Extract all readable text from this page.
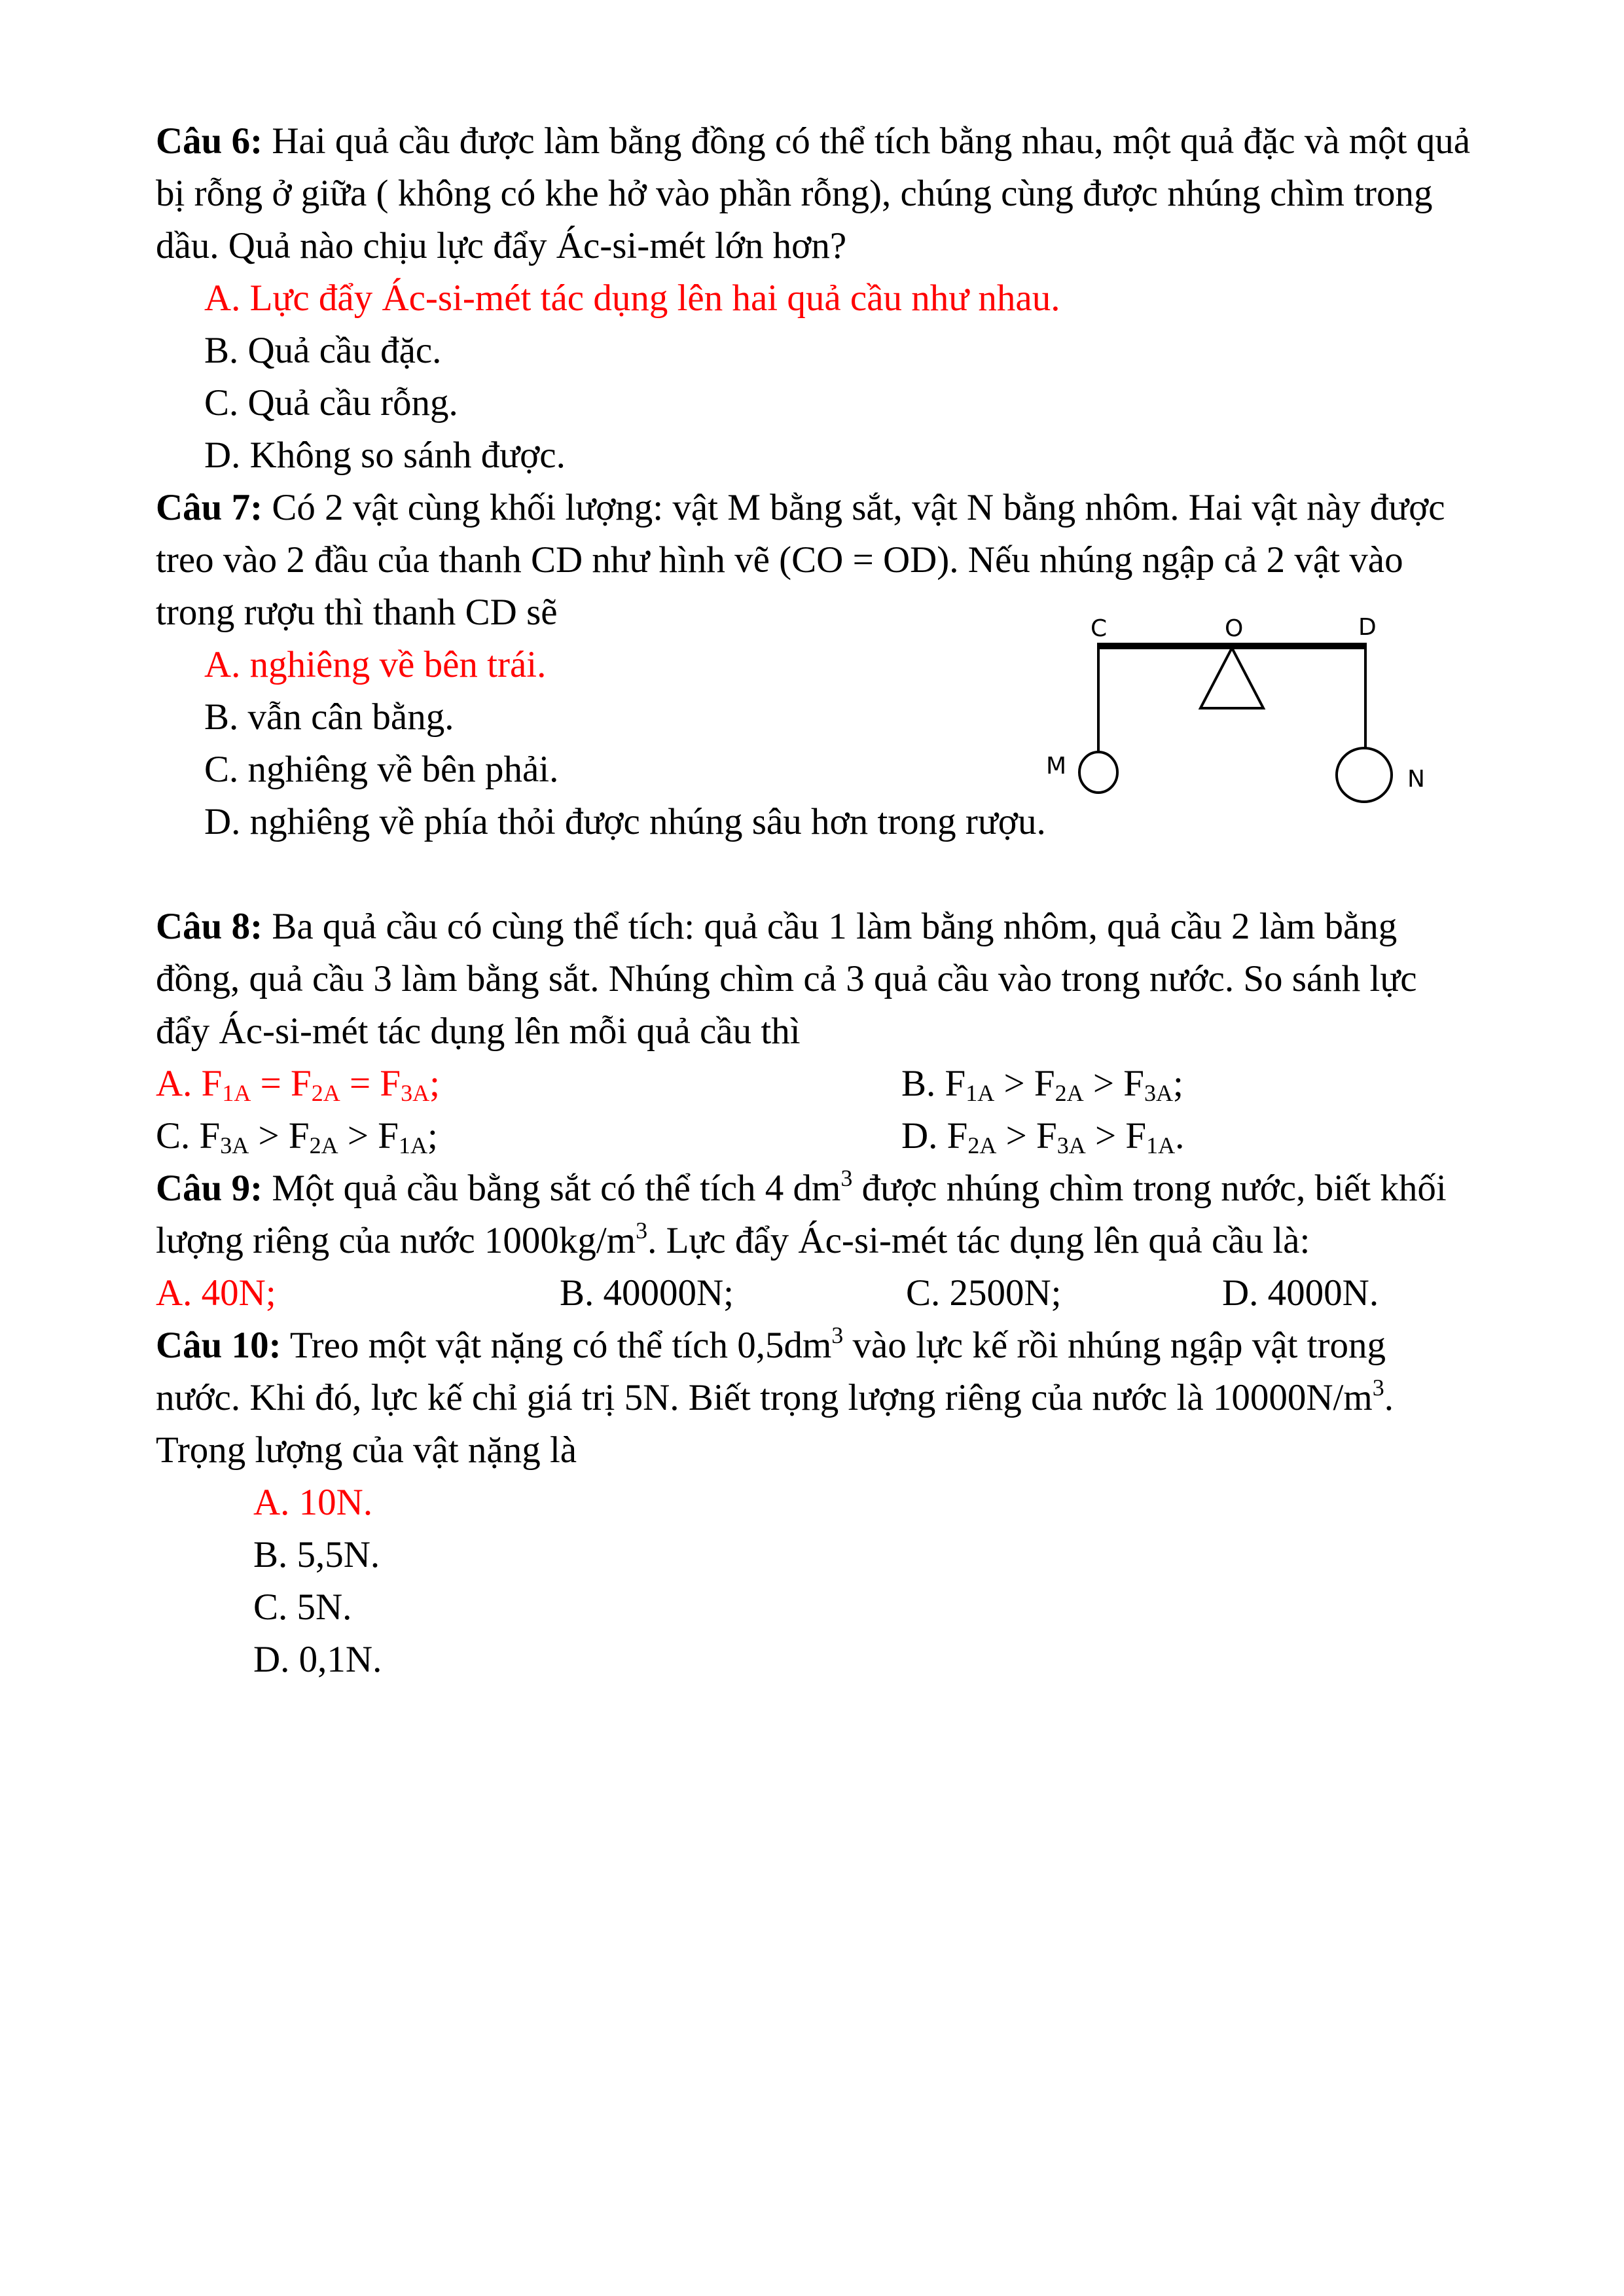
Câu 6: Hai quả cầu được làm bằng đồng có thể tích bằng nhau, một quả đặc và một quả
bị rỗng ở giữa ( không có khe hở vào phần rỗng), chúng cùng được nhúng chìm trong
dầu. Quả nào chịu lực đẩy Ác-si-mét lớn hơn?
A. Lực đẩy Ác-si-mét tác dụng lên hai quả cầu như nhau.
B. Quả cầu đặc.
C. Quả cầu rỗng.
D. Không so sánh được.
Câu 7: Có 2 vật cùng khối lượng: vật M bằng sắt, vật N bằng nhôm. Hai vật này được
treo vào 2 đầu của thanh CD như hình vẽ (CO = OD). Nếu nhúng ngập cả 2 vật vào
trong rượu thì thanh CD sẽ
A. nghiêng về bên trái.
B. vẫn cân bằng.
C. nghiêng về bên phải.
D. nghiêng về phía thỏi được nhúng sâu hơn trong rượu.
C	O	D
M	N
Câu 8: Ba quả cầu có cùng thể tích: quả cầu 1 làm bằng nhôm, quả cầu 2 làm bằng
đồng, quả cầu 3 làm bằng sắt. Nhúng chìm cả 3 quả cầu vào trong nước. So sánh lực
đẩy Ác-si-mét tác dụng lên mỗi quả cầu thì
A. $F_{1A} = F_{2A} = F_{3A}$;	B. $F_{1A} > F_{2A} > F_{3A}$;
C. $F_{3A} > F_{2A} > F_{1A}$;	D. $F_{2A} > F_{3A} > F_{1A}$.
Câu 9: Một quả cầu bằng sắt có thể tích 4 $dm^3$ được nhúng chìm trong nước, biết khối
lượng riêng của nước $1000kg/m^3$. Lực đẩy Ác-si-mét tác dụng lên quả cầu là:
A. 40N;	B. 40000N;	C. 2500N;	D. 4000N.
Câu 10: Treo một vật nặng có thể tích $0,5dm^3$ vào lực kế rồi nhúng ngập vật trong
nước. Khi đó, lực kế chỉ giá trị 5N. Biết trọng lượng riêng của nước là $10000N/m^3$.
Trọng lượng của vật nặng là
A. 10N.
B. 5,5N.
C. 5N.
D. 0,1N.
